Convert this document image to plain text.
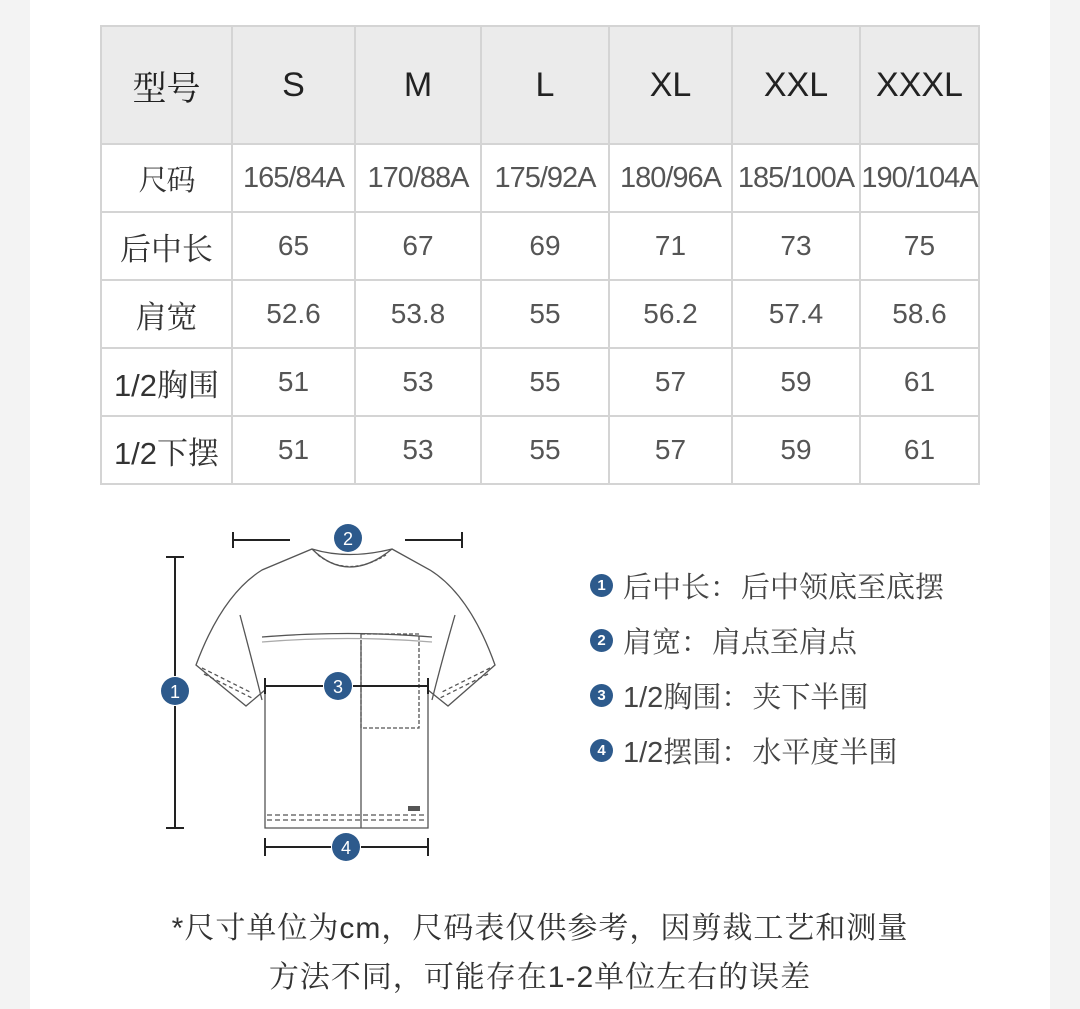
型号	S	M	L	XL	XXL	XXXL
尺码	165/84A	170/88A	175/92A	180/96A	185/100A	190/104A
后中长	65	67	69	71	73	75
肩宽	52.6	53.8	55	56.2	57.4	58.6
1/2胸围	51	53	55	57	59	61
1/2下摆	51	53	55	57	59	61
1
2
3
4
1 后中长 ： 后中领底至底摆
2 肩宽 ： 肩点至肩点
3 1/2胸围 ： 夹下半围
4 1/2摆围 ： 水平度半围
*尺寸单位为cm，尺码表仅供参考，因剪裁工艺和测量
方法不同，可能存在1-2单位左右的误差
